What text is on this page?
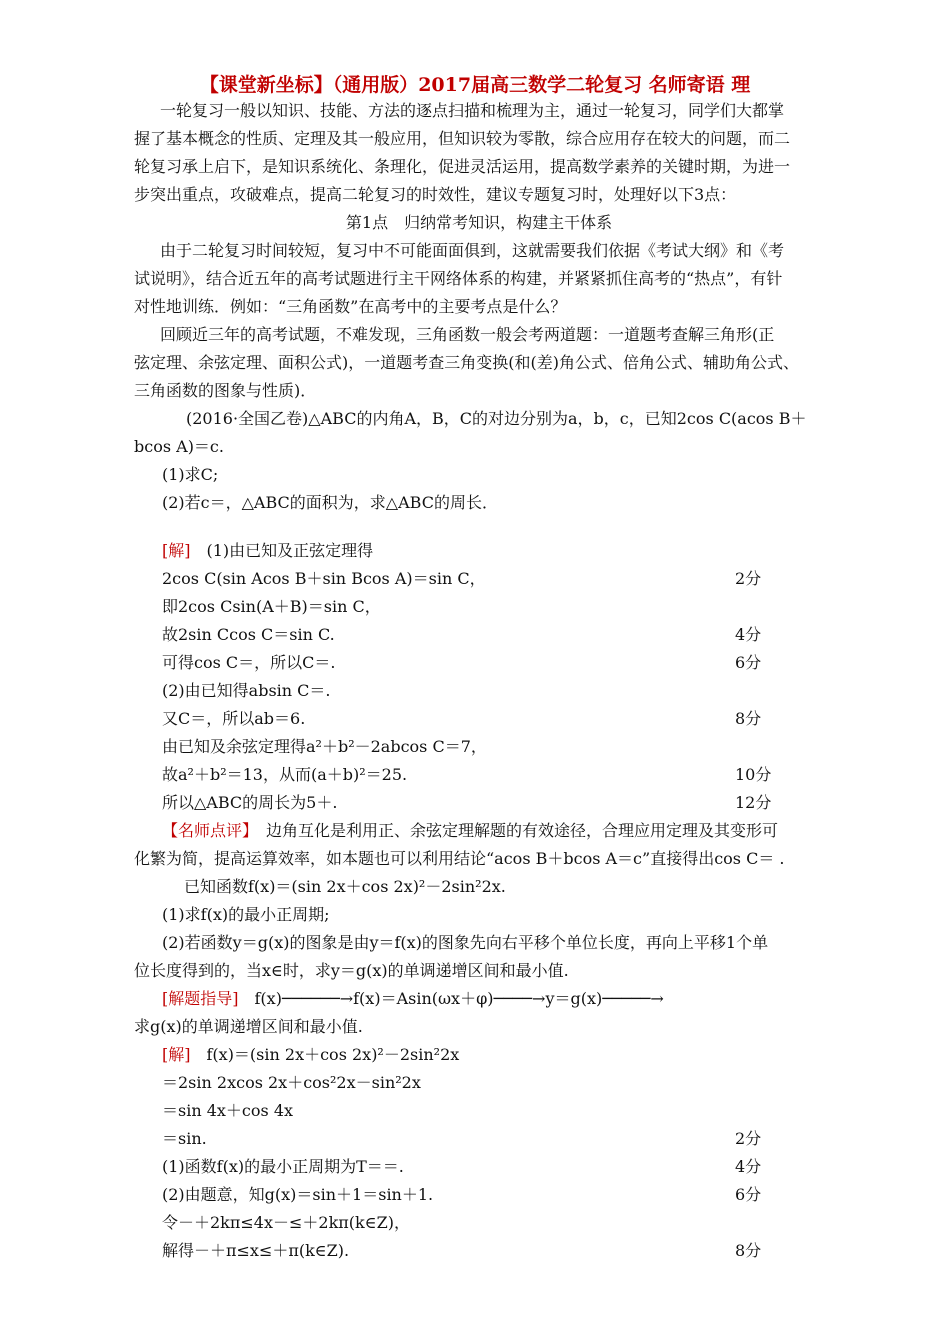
【课堂新坐标】（通用版）2017届高三数学二轮复习 名师寄语 理
一轮复习一般以知识、技能、方法的逐点扫描和梳理为主，通过一轮复习，同学们大都掌
握了基本概念的性质、定理及其一般应用，但知识较为零散，综合应用存在较大的问题，而二
轮复习承上启下，是知识系统化、条理化，促进灵活运用，提高数学素养的关键时期，为进一
步突出重点，攻破难点，提高二轮复习的时效性，建议专题复习时，处理好以下3点：
第1点　归纳常考知识，构建主干体系
由于二轮复习时间较短，复习中不可能面面俱到，这就需要我们依据《考试大纲》和《考
试说明》，结合近五年的高考试题进行主干网络体系的构建，并紧紧抓住高考的“热点”，有针
对性地训练．例如：“三角函数”在高考中的主要考点是什么？
回顾近三年的高考试题，不难发现，三角函数一般会考两道题：一道题考查解三角形(正
弦定理、余弦定理、面积公式)，一道题考查三角变换(和(差)角公式、倍角公式、辅助角公式、
三角函数的图象与性质)．
(2016·全国乙卷)△ABC的内角A，B，C的对边分别为a，b，c，已知2cos C(acos B＋
bcos A)＝c.
(1)求C;
(2)若c＝，△ABC的面积为，求△ABC的周长．
[解]　(1)由已知及正弦定理得
2cos C(sin Acos B＋sin Bcos A)＝sin C，	2分
即2cos Csin(A＋B)＝sin C，
故2sin Ccos C＝sin C.	4分
可得cos C＝，所以C＝.	6分
(2)由已知得absin C＝.
又C＝，所以ab＝6.	8分
由已知及余弦定理得a²＋b²－2abcos C＝7，
故a²＋b²＝13，从而(a＋b)²＝25.	10分
所以△ABC的周长为5＋.	12分
【名师点评】　边角互化是利用正、余弦定理解题的有效途径，合理应用定理及其变形可
化繁为简，提高运算效率，如本题也可以利用结论“acos B＋bcos A＝c”直接得出cos C＝ .
已知函数f(x)＝(sin 2x＋cos 2x)²－2sin²2x.
(1)求f(x)的最小正周期;
(2)若函数y＝g(x)的图象是由y＝f(x)的图象先向右平移个单位长度，再向上平移1个单
位长度得到的，当x∈时，求y＝g(x)的单调递增区间和最小值.
[解题指导]　f(x)──────→f(x)＝Asin(ωx＋φ)────→y＝g(x)─────→
求g(x)的单调递增区间和最小值.
[解]　f(x)＝(sin 2x＋cos 2x)²－2sin²2x
＝2sin 2xcos 2x＋cos²2x－sin²2x
＝sin 4x＋cos 4x
＝sin.	2分
(1)函数f(x)的最小正周期为T＝＝.	4分
(2)由题意，知g(x)＝sin＋1＝sin＋1.	6分
令－＋2kπ≤4x－≤＋2kπ(k∈Z)，
解得－＋π≤x≤＋π(k∈Z).	8分
